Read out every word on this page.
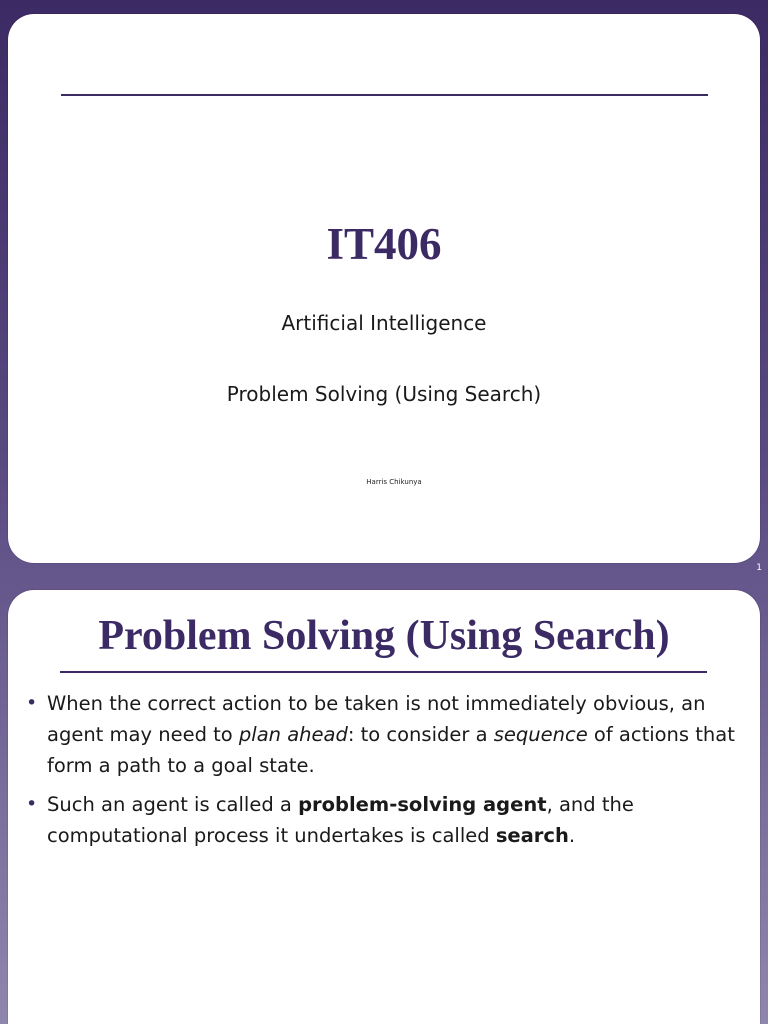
IT406
Artificial Intelligence
Problem Solving (Using Search)
Harris Chikunya
1
Problem Solving (Using Search)
• When the correct action to be taken is not immediately obvious, an agent may need to plan ahead: to consider a sequence of actions that form a path to a goal state.
• Such an agent is called a problem-solving agent, and the computational process it undertakes is called search.
